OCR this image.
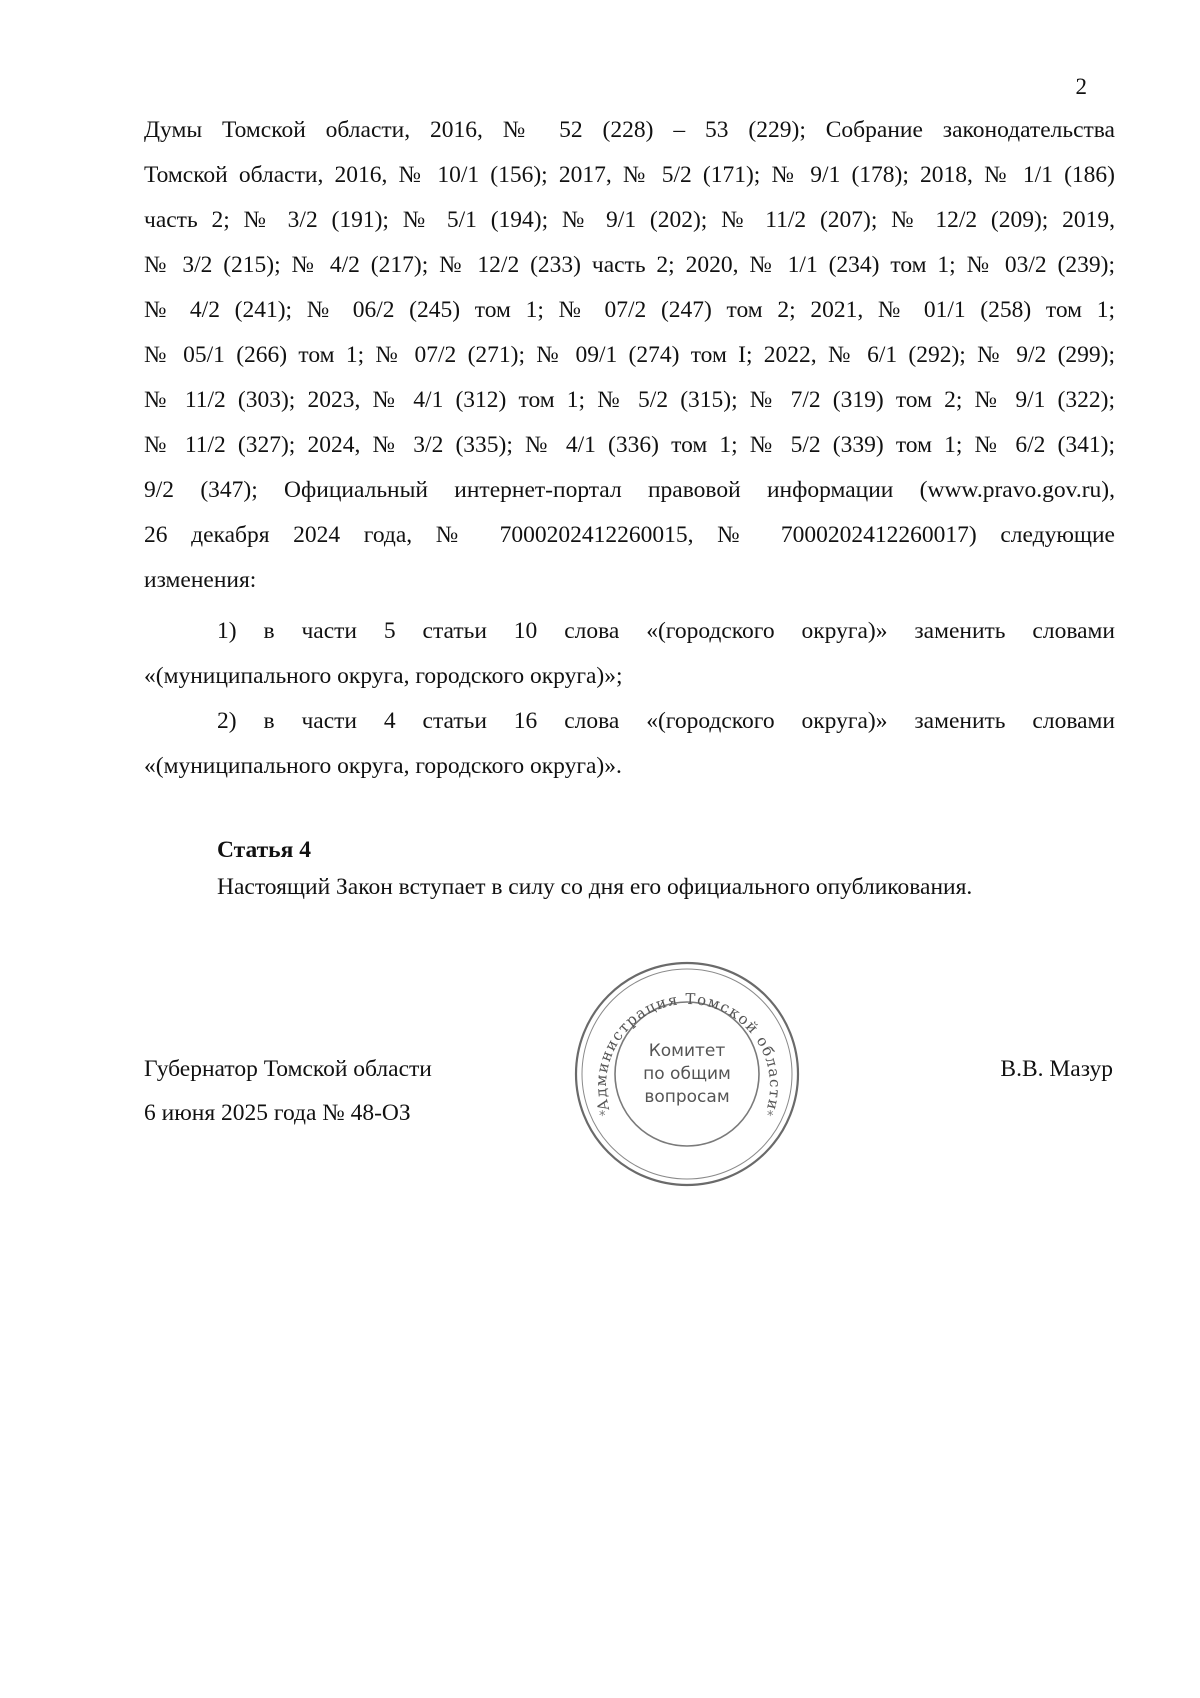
2
Думы Томской области, 2016, № 52 (228) – 53 (229); Собрание законодательства
Томской области, 2016, № 10/1 (156); 2017, № 5/2 (171); № 9/1 (178); 2018, № 1/1 (186)
часть 2; № 3/2 (191); № 5/1 (194); № 9/1 (202); № 11/2 (207); № 12/2 (209); 2019,
№ 3/2 (215); № 4/2 (217); № 12/2 (233) часть 2; 2020, № 1/1 (234) том 1; № 03/2 (239);
№ 4/2 (241); № 06/2 (245) том 1; № 07/2 (247) том 2; 2021, № 01/1 (258) том 1;
№ 05/1 (266) том 1; № 07/2 (271); № 09/1 (274) том I; 2022, № 6/1 (292); № 9/2 (299);
№ 11/2 (303); 2023, № 4/1 (312) том 1; № 5/2 (315); № 7/2 (319) том 2; № 9/1 (322);
№ 11/2 (327); 2024, № 3/2 (335); № 4/1 (336) том 1; № 5/2 (339) том 1; № 6/2 (341);
9/2 (347); Официальный интернет-портал правовой информации (www.pravo.gov.ru),
26 декабря 2024 года, № 7000202412260015, № 7000202412260017) следующие
изменения:
1) в части 5 статьи 10 слова «(городского округа)» заменить словами
«(муниципального округа, городского округа)»;
2) в части 4 статьи 16 слова «(городского округа)» заменить словами
«(муниципального округа, городского округа)».
Статья 4
Настоящий Закон вступает в силу со дня его официального опубликования.
Губернатор Томской области
6 июня 2025 года № 48-ОЗ
В.В. Мазур
Администрация Томской области
*	*
Комитет
по общим
вопросам
